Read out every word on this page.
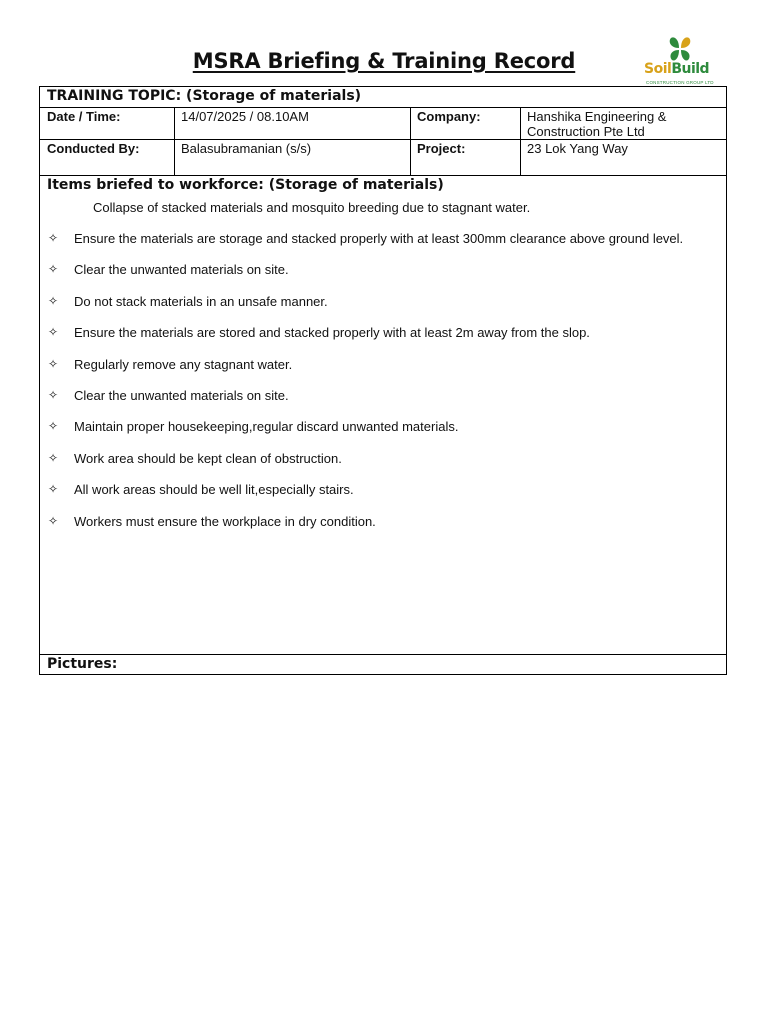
MSRA Briefing & Training Record	SoilBuild
CONSTRUCTION GROUP LTD
TRAINING TOPIC: (Storage of materials)
Date / Time:	14/07/2025 / 08.10AM	Company:	Hanshika Engineering &
Construction Pte Ltd
Conducted By:	Balasubramanian (s/s)	Project:	23 Lok Yang Way
Items briefed to workforce: (Storage of materials)
Collapse of stacked materials and mosquito breeding due to stagnant water.
✧ Ensure the materials are storage and stacked properly with at least 300mm clearance above ground level.
✧ Clear the unwanted materials on site.
✧ Do not stack materials in an unsafe manner.
✧ Ensure the materials are stored and stacked properly with at least 2m away from the slop.
✧ Regularly remove any stagnant water.
✧ Clear the unwanted materials on site.
✧ Maintain proper housekeeping,regular discard unwanted materials.
✧ Work area should be kept clean of obstruction.
✧ All work areas should be well lit,especially stairs.
✧ Workers must ensure the workplace in dry condition.
Pictures:
